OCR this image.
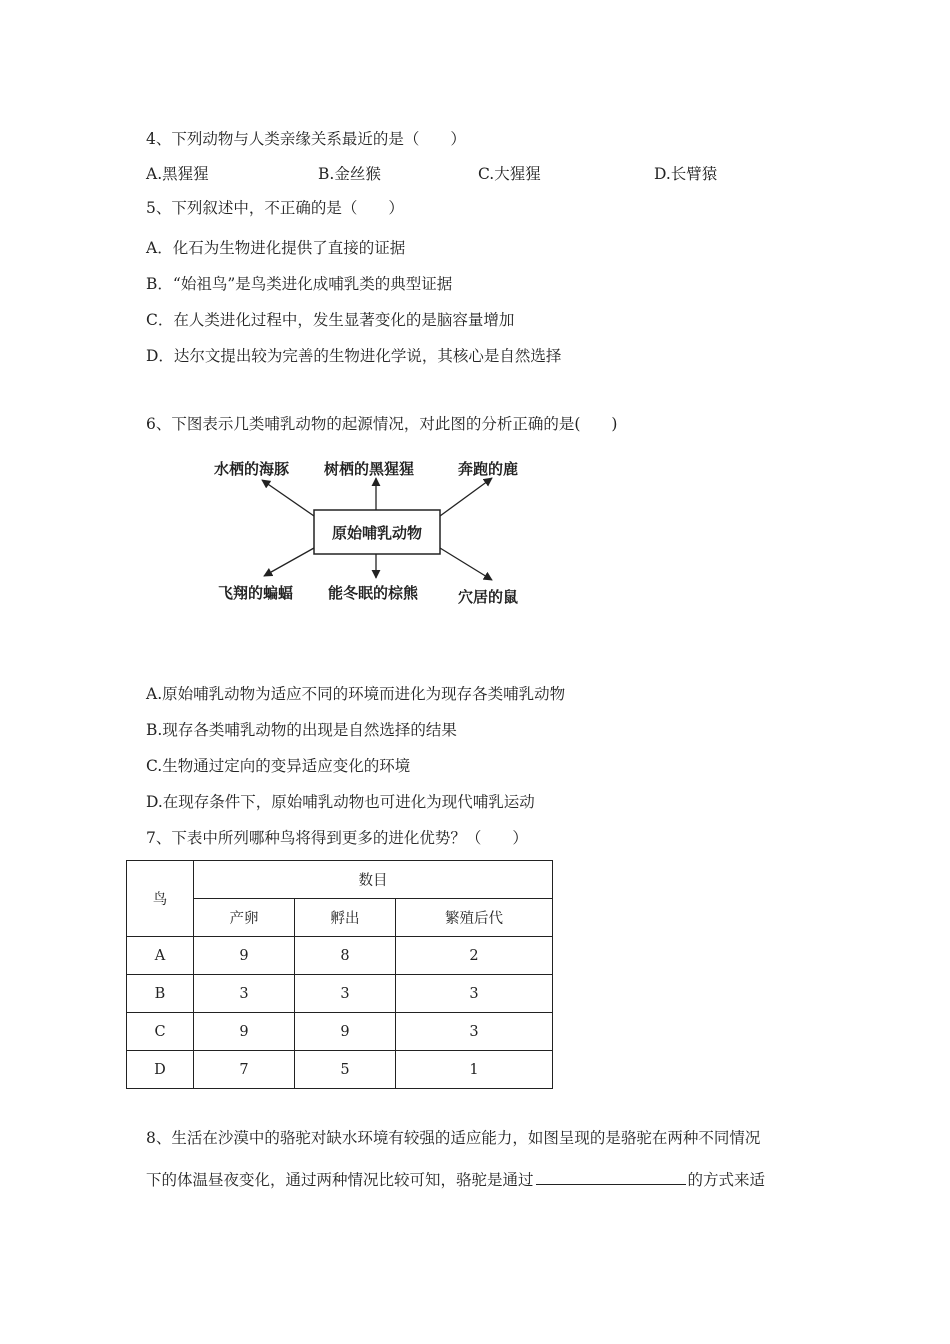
4、下列动物与人类亲缘关系最近的是（　　）
A.黑猩猩	B.金丝猴	C.大猩猩	D.长臂猿
5、下列叙述中，不正确的是（　　）
A．化石为生物进化提供了直接的证据
B．“始祖鸟”是鸟类进化成哺乳类的典型证据
C．在人类进化过程中，发生显著变化的是脑容量增加
D．达尔文提出较为完善的生物进化学说，其核心是自然选择
6、下图表示几类哺乳动物的起源情况，对此图的分析正确的是(　　)
原始哺乳动物
水栖的海豚 树栖的黑猩猩	奔跑的鹿
飞翔的蝙蝠 能冬眠的棕熊	穴居的鼠
A.原始哺乳动物为适应不同的环境而进化为现存各类哺乳动物
B.现存各类哺乳动物的出现是自然选择的结果
C.生物通过定向的变异适应变化的环境
D.在现存条件下，原始哺乳动物也可进化为现代哺乳运动
7、下表中所列哪种鸟将得到更多的进化优势？（　　）
鸟	数目		
	产卵	孵出	繁殖后代
A	9	8	2
B	3	3	3
C	9	9	3
D	7	5	1
8、生活在沙漠中的骆驼对缺水环境有较强的适应能力，如图呈现的是骆驼在两种不同情况
下的体温昼夜变化，通过两种情况比较可知，骆驼是通过	的方式来适
